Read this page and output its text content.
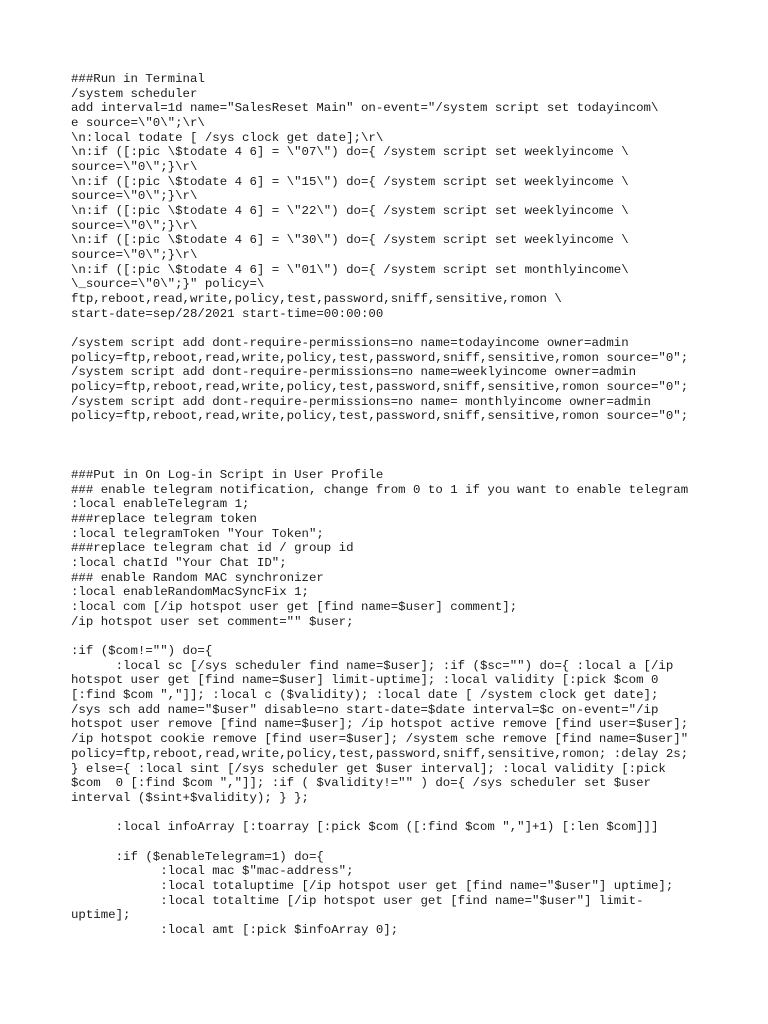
###Run in Terminal
/system scheduler
add interval=1d name="SalesReset Main" on-event="/system script set todayincom\
e source=\"0\";\r\
\n:local todate [ /sys clock get date];\r\
\n:if ([:pic \$todate 4 6] = \"07\") do={ /system script set weeklyincome \
source=\"0\";}\r\
\n:if ([:pic \$todate 4 6] = \"15\") do={ /system script set weeklyincome \
source=\"0\";}\r\
\n:if ([:pic \$todate 4 6] = \"22\") do={ /system script set weeklyincome \
source=\"0\";}\r\
\n:if ([:pic \$todate 4 6] = \"30\") do={ /system script set weeklyincome \
source=\"0\";}\r\
\n:if ([:pic \$todate 4 6] = \"01\") do={ /system script set monthlyincome\
\_source=\"0\";}" policy=\
ftp,reboot,read,write,policy,test,password,sniff,sensitive,romon \
start-date=sep/28/2021 start-time=00:00:00
/system script add dont-require-permissions=no name=todayincome owner=admin
policy=ftp,reboot,read,write,policy,test,password,sniff,sensitive,romon source="0";
/system script add dont-require-permissions=no name=weeklyincome owner=admin
policy=ftp,reboot,read,write,policy,test,password,sniff,sensitive,romon source="0";
/system script add dont-require-permissions=no name= monthlyincome owner=admin
policy=ftp,reboot,read,write,policy,test,password,sniff,sensitive,romon source="0";
###Put in On Log-in Script in User Profile
### enable telegram notification, change from 0 to 1 if you want to enable telegram
:local enableTelegram 1;
###replace telegram token
:local telegramToken "Your Token";
###replace telegram chat id / group id
:local chatId "Your Chat ID";
### enable Random MAC synchronizer
:local enableRandomMacSyncFix 1;
:local com [/ip hotspot user get [find name=$user] comment];
/ip hotspot user set comment="" $user;
:if ($com!="") do={
:local sc [/sys scheduler find name=$user]; :if ($sc="") do={ :local a [/ip
hotspot user get [find name=$user] limit-uptime]; :local validity [:pick $com 0
[:find $com ","]]; :local c ($validity); :local date [ /system clock get date];
/sys sch add name="$user" disable=no start-date=$date interval=$c on-event="/ip
hotspot user remove [find name=$user]; /ip hotspot active remove [find user=$user];
/ip hotspot cookie remove [find user=$user]; /system sche remove [find name=$user]"
policy=ftp,reboot,read,write,policy,test,password,sniff,sensitive,romon; :delay 2s;
} else={ :local sint [/sys scheduler get $user interval]; :local validity [:pick
$com  0 [:find $com ","]]; :if ( $validity!="" ) do={ /sys scheduler set $user
interval ($sint+$validity); } };
:local infoArray [:toarray [:pick $com ([:find $com ","]+1) [:len $com]]]
:if ($enableTelegram=1) do={
:local mac $"mac-address";
:local totaluptime [/ip hotspot user get [find name="$user"] uptime];
:local totaltime [/ip hotspot user get [find name="$user"] limit-
uptime];
:local amt [:pick $infoArray 0];
